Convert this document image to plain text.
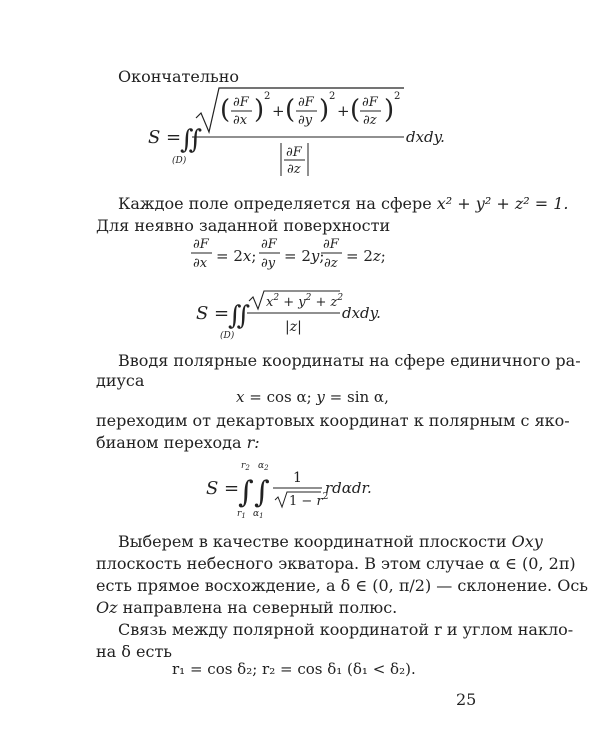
Окончательно
S =
∬
(D)
( ∂F
∂x ) 2
+ ( ∂F
∂y ) 2
+ ( ∂F
∂z ) 2
∂F
∂z
dxdy.
Каждое поле определяется на сфере x² + y² + z² = 1.
Для неявно заданной поверхности
∂F
∂x = 2x;
∂F
∂y = 2y;
∂F
∂z = 2z;
S =
∬
(D)
$x^2 + y^2 + z^2$
|z|
dxdy.
Вводя полярные координаты на сфере единичного ра-
диуса
x = cos α; y = sin α,
переходим от декартовых координат к полярным с яко-
бианом перехода r:
S =
$r_2$
∫
$r_1$
$\alpha_2$
∫
$\alpha_1$
1
$1 - r^2$
rdαdr.
Выберем в качестве координатной плоскости Oxy
плоскость небесного экватора. В этом случае α ∈ (0, 2π)
есть прямое восхождение, а δ ∈ (0, π/2) — склонение. Ось
Oz направлена на северный полюс.
Связь между полярной координатой r и углом накло-
на δ есть
r₁ = cos δ₂; r₂ = cos δ₁ (δ₁ < δ₂).
25
